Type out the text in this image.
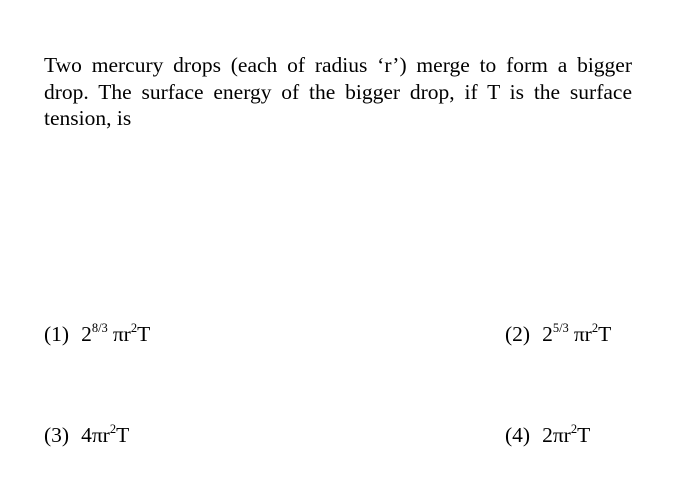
Two mercury drops (each of radius ‘r’) merge to form a bigger drop. The surface energy of the bigger drop, if T is the surface tension, is
(1) $2^{8/3}$ $\pi r^2T$	(2) $2^{5/3}$ $\pi r^2T$
(3) $4\pi r^2T$	(4) $2\pi r^2T$
